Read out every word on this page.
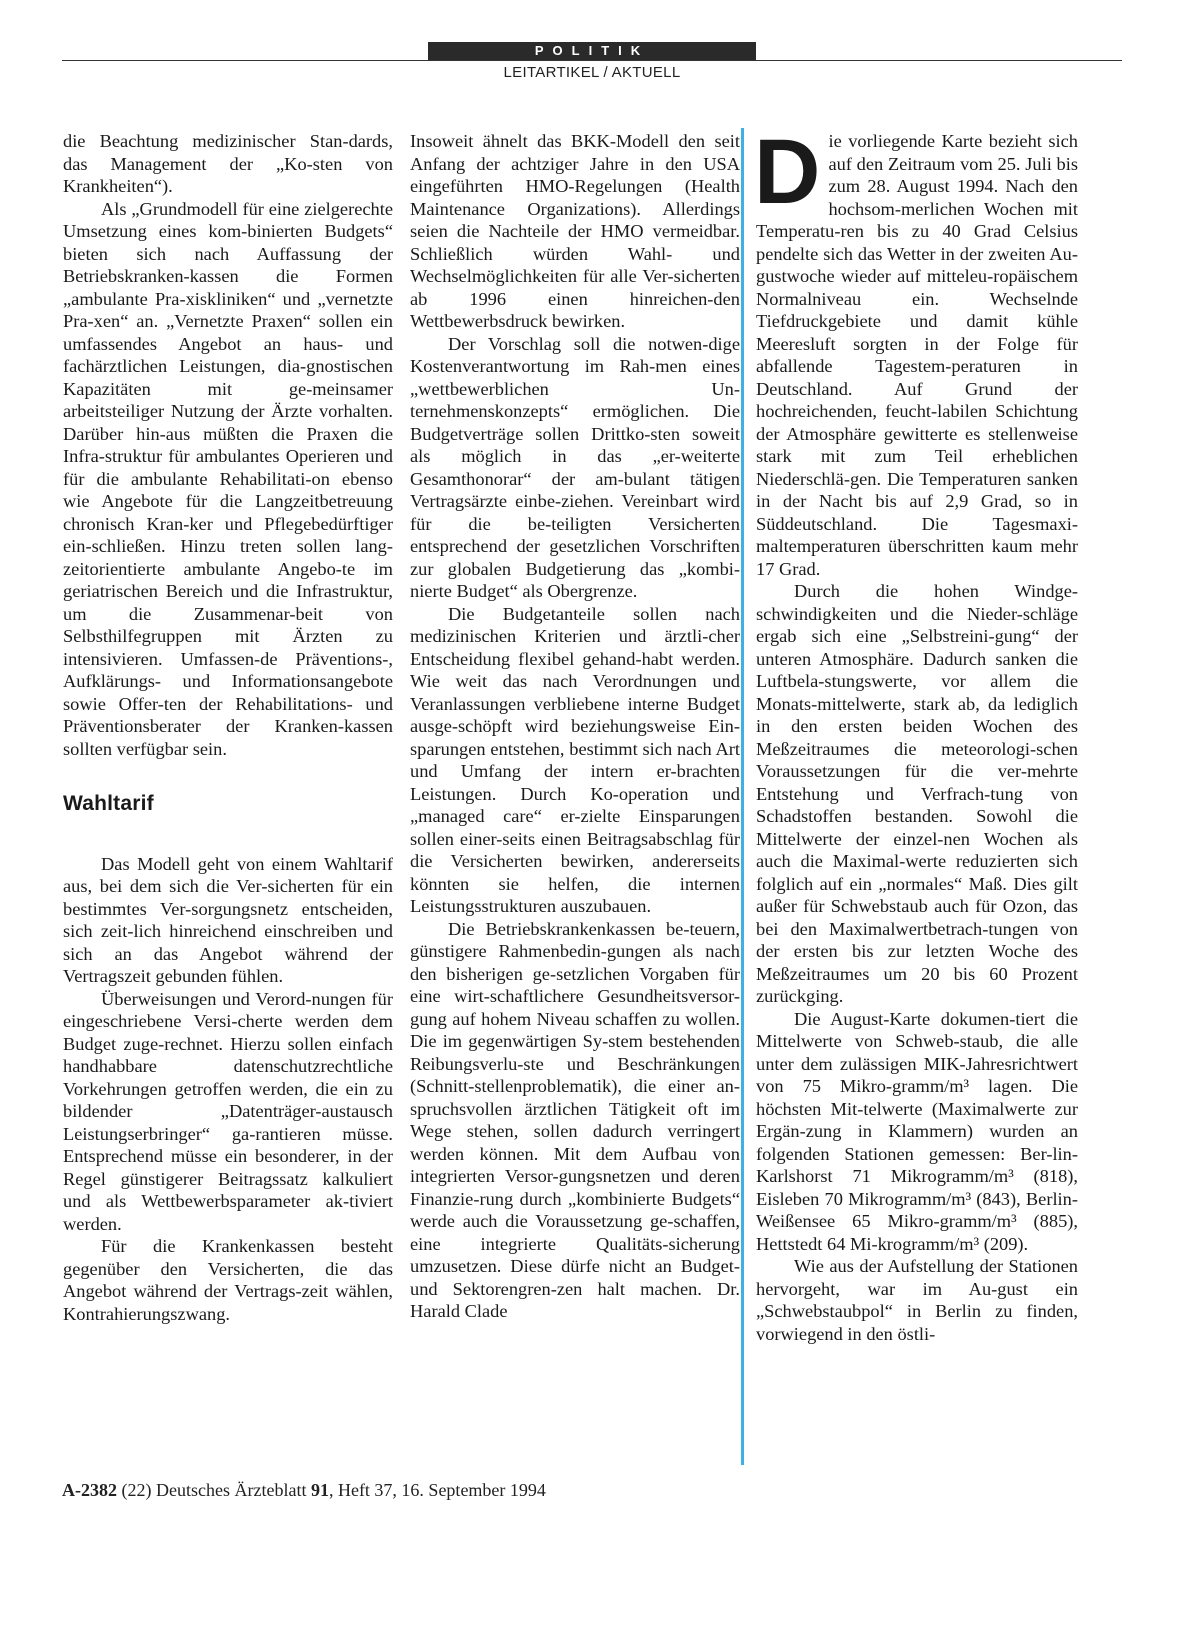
POLITIK
LEITARTIKEL / AKTUELL

die Beachtung medizinischer Stan-dards, das Management der „Ko-sten von Krankheiten“).

Als „Grundmodell für eine zielgerechte Umsetzung eines kom-binierten Budgets“ bieten sich nach Auffassung der Betriebskranken-kassen die Formen „ambulante Pra-xiskliniken“ und „vernetzte Pra-xen“ an. „Vernetzte Praxen“ sollen ein umfassendes Angebot an haus- und fachärztlichen Leistungen, dia-gnostischen Kapazitäten mit ge-meinsamer arbeitsteiliger Nutzung der Ärzte vorhalten. Darüber hin-aus müßten die Praxen die Infra-struktur für ambulantes Operieren und für die ambulante Rehabilitati-on ebenso wie Angebote für die Langzeitbetreuung chronisch Kran-ker und Pflegebedürftiger ein-schließen. Hinzu treten sollen lang-zeitorientierte ambulante Angebo-te im geriatrischen Bereich und die Infrastruktur, um die Zusammenar-beit von Selbsthilfegruppen mit Ärzten zu intensivieren. Umfassen-de Präventions-, Aufklärungs- und Informationsangebote sowie Offer-ten der Rehabilitations- und Präventionsberater der Kranken-kassen sollten verfügbar sein.

Wahltarif

Das Modell geht von einem Wahltarif aus, bei dem sich die Ver-sicherten für ein bestimmtes Ver-sorgungsnetz entscheiden, sich zeit-lich hinreichend einschreiben und sich an das Angebot während der Vertragszeit gebunden fühlen.

Überweisungen und Verord-nungen für eingeschriebene Versi-cherte werden dem Budget zuge-rechnet. Hierzu sollen einfach handhabbare datenschutzrechtliche Vorkehrungen getroffen werden, die ein zu bildender „Datenträger-austausch Leistungserbringer“ ga-rantieren müsse. Entsprechend müsse ein besonderer, in der Regel günstigerer Beitragssatz kalkuliert und als Wettbewerbsparameter ak-tiviert werden.

Für die Krankenkassen besteht gegenüber den Versicherten, die das Angebot während der Vertrags-zeit wählen, Kontrahierungszwang.

Insoweit ähnelt das BKK-Modell den seit Anfang der achtziger Jahre in den USA eingeführten HMO-Regelungen (Health Maintenance Organizations). Allerdings seien die Nachteile der HMO vermeidbar. Schließlich würden Wahl- und Wechselmöglichkeiten für alle Ver-sicherten ab 1996 einen hinreichen-den Wettbewerbsdruck bewirken.

Der Vorschlag soll die notwen-dige Kostenverantwortung im Rah-men eines „wettbewerblichen Un-ternehmenskonzepts“ ermöglichen. Die Budgetverträge sollen Drittko-sten soweit als möglich in das „er-weiterte Gesamthonorar“ der am-bulant tätigen Vertragsärzte einbe-ziehen. Vereinbart wird für die be-teiligten Versicherten entsprechend der gesetzlichen Vorschriften zur globalen Budgetierung das „kombi-nierte Budget“ als Obergrenze.

Die Budgetanteile sollen nach medizinischen Kriterien und ärztli-cher Entscheidung flexibel gehand-habt werden. Wie weit das nach Verordnungen und Veranlassungen verbliebene interne Budget ausge-schöpft wird beziehungsweise Ein-sparungen entstehen, bestimmt sich nach Art und Umfang der intern er-brachten Leistungen. Durch Ko-operation und „managed care“ er-zielte Einsparungen sollen einer-seits einen Beitragsabschlag für die Versicherten bewirken, andererseits könnten sie helfen, die internen Leistungsstrukturen auszubauen.

Die Betriebskrankenkassen be-teuern, günstigere Rahmenbedin-gungen als nach den bisherigen ge-setzlichen Vorgaben für eine wirt-schaftlichere Gesundheitsversor-gung auf hohem Niveau schaffen zu wollen. Die im gegenwärtigen Sy-stem bestehenden Reibungsverlu-ste und Beschränkungen (Schnitt-stellenproblematik), die einer an-spruchsvollen ärztlichen Tätigkeit oft im Wege stehen, sollen dadurch verringert werden können. Mit dem Aufbau von integrierten Versor-gungsnetzen und deren Finanzie-rung durch „kombinierte Budgets“ werde auch die Voraussetzung ge-schaffen, eine integrierte Qualitäts-sicherung umzusetzen. Diese dürfe nicht an Budget- und Sektorengren-zen halt machen. Dr. Harald Clade

Die vorliegende Karte bezieht sich auf den Zeitraum vom 25. Juli bis zum 28. August 1994. Nach den hochsom-merlichen Wochen mit Temperatu-ren bis zu 40 Grad Celsius pendelte sich das Wetter in der zweiten Au-gustwoche wieder auf mitteleu-ropäischem Normalniveau ein. Wechselnde Tiefdruckgebiete und damit kühle Meeresluft sorgten in der Folge für abfallende Tagestem-peraturen in Deutschland. Auf Grund der hochreichenden, feucht-labilen Schichtung der Atmosphäre gewitterte es stellenweise stark mit zum Teil erheblichen Niederschlä-gen. Die Temperaturen sanken in der Nacht bis auf 2,9 Grad, so in Süddeutschland. Die Tagesmaxi-maltemperaturen überschritten kaum mehr 17 Grad.

Durch die hohen Windge-schwindigkeiten und die Nieder-schläge ergab sich eine „Selbstreini-gung“ der unteren Atmosphäre. Dadurch sanken die Luftbela-stungswerte, vor allem die Monats-mittelwerte, stark ab, da lediglich in den ersten beiden Wochen des Meßzeitraumes die meteorologi-schen Voraussetzungen für die ver-mehrte Entstehung und Verfrach-tung von Schadstoffen bestanden. Sowohl die Mittelwerte der einzel-nen Wochen als auch die Maximal-werte reduzierten sich folglich auf ein „normales“ Maß. Dies gilt außer für Schwebstaub auch für Ozon, das bei den Maximalwertbetrach-tungen von der ersten bis zur letzten Woche des Meßzeitraumes um 20 bis 60 Prozent zurückging.

Die August-Karte dokumen-tiert die Mittelwerte von Schweb-staub, die alle unter dem zulässigen MIK-Jahresrichtwert von 75 Mikro-gramm/m³ lagen. Die höchsten Mit-telwerte (Maximalwerte zur Ergän-zung in Klammern) wurden an folgenden Stationen gemessen: Ber-lin-Karlshorst 71 Mikrogramm/m³ (818), Eisleben 70 Mikrogramm/m³ (843), Berlin-Weißensee 65 Mikro-gramm/m³ (885), Hettstedt 64 Mi-krogramm/m³ (209).

Wie aus der Aufstellung der Stationen hervorgeht, war im Au-gust ein „Schwebstaubpol“ in Berlin zu finden, vorwiegend in den östli-

A-2382 (22) Deutsches Ärzteblatt 91, Heft 37, 16. September 1994
